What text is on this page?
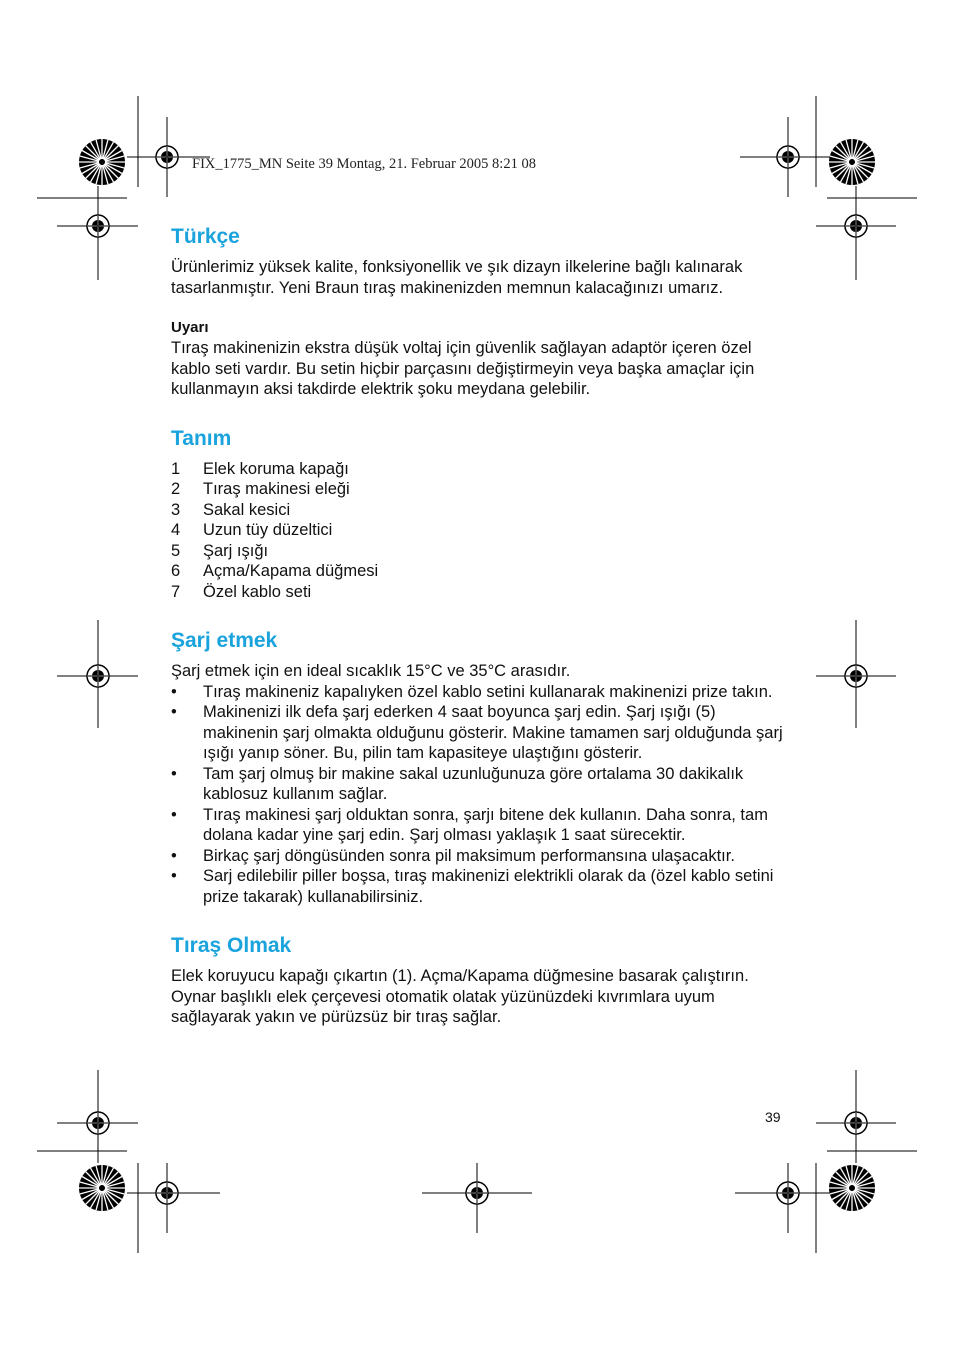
FIX_1775_MN Seite 39 Montag, 21. Februar 2005 8:21 08
Türkçe

Ürünlerimiz yüksek kalite, fonksiyonellik ve şık dizayn ilkelerine bağlı kalınarak tasarlanmıştır. Yeni Braun tıraş makinenizden memnun kalacağınızı umarız.

Uyarı

Tıraş makinenizin ekstra düşük voltaj için güvenlik sağlayan adaptör içeren özel kablo seti vardır. Bu setin hiçbir parçasını değiştirmeyin veya başka amaçlar için kullanmayın aksi takdirde elektrik şoku meydana gelebilir.

Tanım
1	Elek koruma kapağı
2	Tıraş makinesi eleği
3	Sakal kesici
4	Uzun tüy düzeltici
5	Şarj ışığı
6	Açma/Kapama düğmesi
7	Özel kablo seti
Şarj etmek

Şarj etmek için en ideal sıcaklık 15°C ve 35°C arasıdır.

•	Tıraş makineniz kapalıyken özel kablo setini kullanarak makinenizi prize takın.
•	Makinenizi ilk defa şarj ederken 4 saat boyunca şarj edin. Şarj ışığı (5) makinenin şarj olmakta olduğunu gösterir. Makine tamamen sarj olduğunda şarj ışığı yanıp söner. Bu, pilin tam kapasiteye ulaştığını gösterir.
•	Tam şarj olmuş bir makine sakal uzunluğunuza göre ortalama 30 dakikalık kablosuz kullanım sağlar.
•	Tıraş makinesi şarj olduktan sonra, şarjı bitene dek kullanın. Daha sonra, tam dolana kadar yine şarj edin. Şarj olması yaklaşık 1 saat sürecektir.
•	Birkaç şarj döngüsünden sonra pil maksimum performansına ulaşacaktır.
•	Sarj edilebilir piller boşsa, tıraş makinenizi elektrikli olarak da (özel kablo setini prize takarak) kullanabilirsiniz.
Tıraş Olmak

Elek koruyucu kapağı çıkartın (1). Açma/Kapama düğmesine basarak çalıştırın. Oynar başlıklı elek çerçevesi otomatik olatak yüzünüzdeki kıvrımlara uyum sağlayarak yakın ve pürüzsüz bir tıraş sağlar.

39
